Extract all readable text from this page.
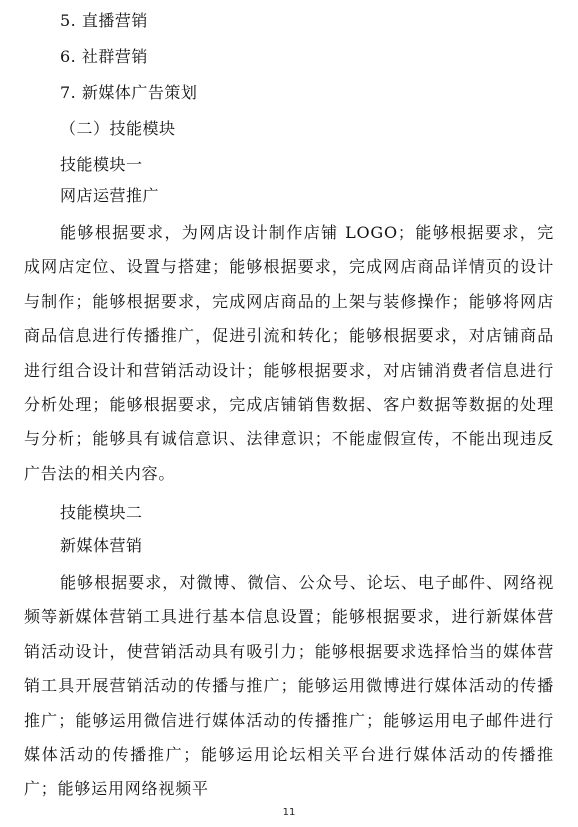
5. 直播营销
6. 社群营销
7. 新媒体广告策划
（二）技能模块
技能模块一
网店运营推广

能够根据要求，为网店设计制作店铺 LOGO；能够根据要求，完成网店定位、设置与搭建；能够根据要求，完成网店商品详情页的设计与制作；能够根据要求，完成网店商品的上架与装修操作；能够将网店商品信息进行传播推广，促进引流和转化；能够根据要求，对店铺商品进行组合设计和营销活动设计；能够根据要求，对店铺消费者信息进行分析处理；能够根据要求，完成店铺销售数据、客户数据等数据的处理与分析；能够具有诚信意识、法律意识；不能虚假宣传，不能出现违反广告法的相关内容。

技能模块二
新媒体营销

能够根据要求，对微博、微信、公众号、论坛、电子邮件、网络视频等新媒体营销工具进行基本信息设置；能够根据要求，进行新媒体营销活动设计，使营销活动具有吸引力；能够根据要求选择恰当的媒体营销工具开展营销活动的传播与推广；能够运用微博进行媒体活动的传播推广；能够运用微信进行媒体活动的传播推广；能够运用电子邮件进行媒体活动的传播推广；能够运用论坛相关平台进行媒体活动的传播推广；能够运用网络视频平

11
